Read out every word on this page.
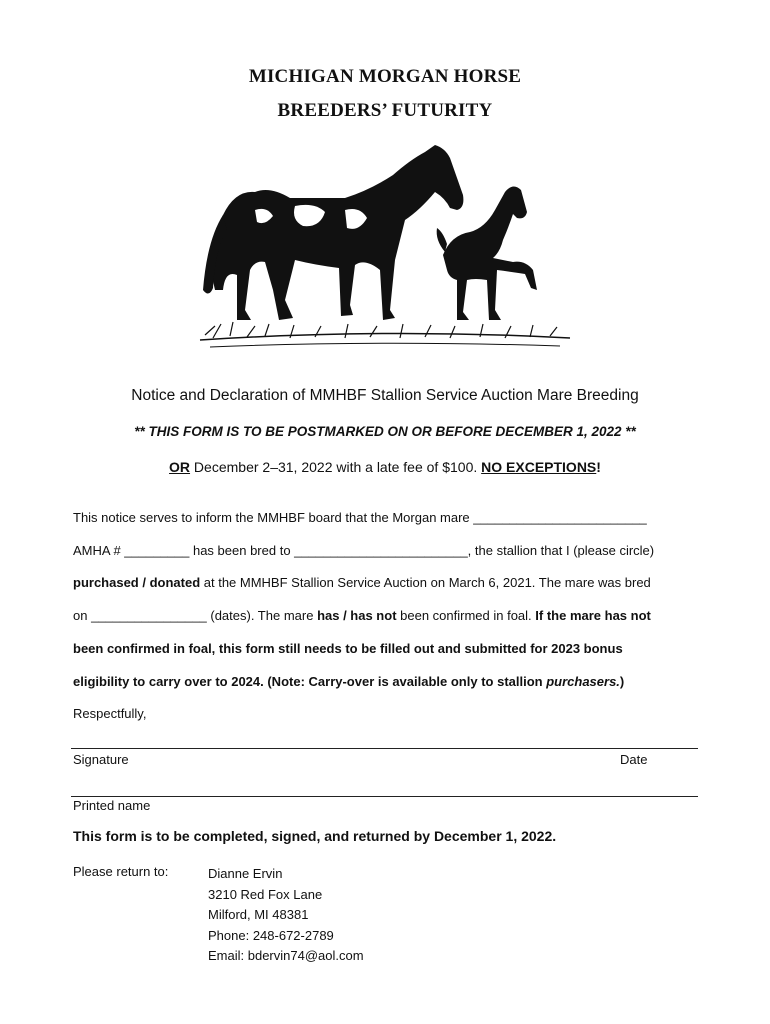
MICHIGAN MORGAN HORSE
BREEDERS’ FUTURITY
Notice and Declaration of MMHBF Stallion Service Auction Mare Breeding
** THIS FORM IS TO BE POSTMARKED ON OR BEFORE DECEMBER 1, 2022 **
OR December 2–31, 2022 with a late fee of $100. NO EXCEPTIONS!
This notice serves to inform the MMHBF board that the Morgan mare ________________________
AMHA # _________ has been bred to ________________________, the stallion that I (please circle)
purchased / donated at the MMHBF Stallion Service Auction on March 6, 2021. The mare was bred
on ________________ (dates). The mare has / has not been confirmed in foal. If the mare has not
been confirmed in foal, this form still needs to be filled out and submitted for 2023 bonus
eligibility to carry over to 2024. (Note: Carry-over is available only to stallion purchasers.)
Respectfully,
Signature	Date
Printed name
This form is to be completed, signed, and returned by December 1, 2022.
Please return to:	Dianne Ervin
3210 Red Fox Lane
Milford, MI 48381
Phone: 248-672-2789
Email: bdervin74@aol.com
